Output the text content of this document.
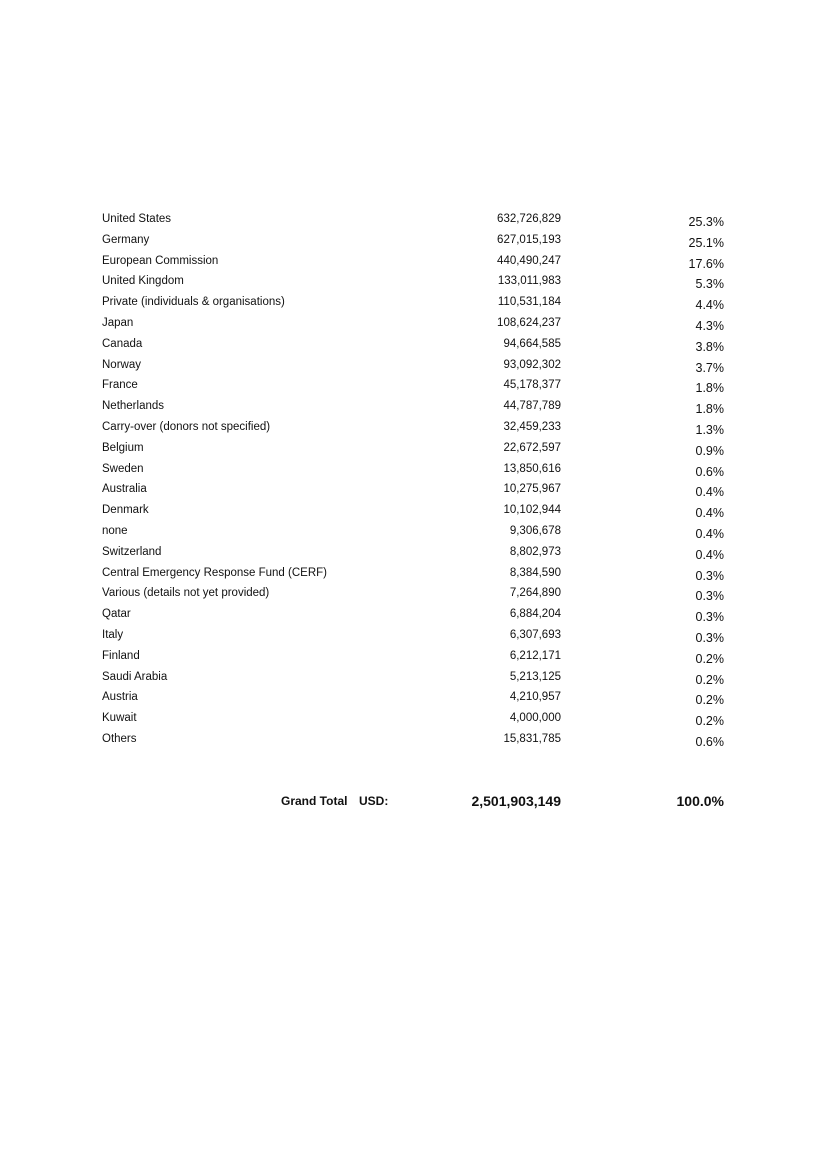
United States	632,726,829	25.3%
Germany	627,015,193	25.1%
European Commission	440,490,247	17.6%
United Kingdom	133,011,983	5.3%
Private (individuals & organisations)	110,531,184	4.4%
Japan	108,624,237	4.3%
Canada	94,664,585	3.8%
Norway	93,092,302	3.7%
France	45,178,377	1.8%
Netherlands	44,787,789	1.8%
Carry-over (donors not specified)	32,459,233	1.3%
Belgium	22,672,597	0.9%
Sweden	13,850,616	0.6%
Australia	10,275,967	0.4%
Denmark	10,102,944	0.4%
none	9,306,678	0.4%
Switzerland	8,802,973	0.4%
Central Emergency Response Fund (CERF)	8,384,590	0.3%
Various (details not yet provided)	7,264,890	0.3%
Qatar	6,884,204	0.3%
Italy	6,307,693	0.3%
Finland	6,212,171	0.2%
Saudi Arabia	5,213,125	0.2%
Austria	4,210,957	0.2%
Kuwait	4,000,000	0.2%
Others	15,831,785	0.6%
Grand Total USD:	2,501,903,149	100.0%
